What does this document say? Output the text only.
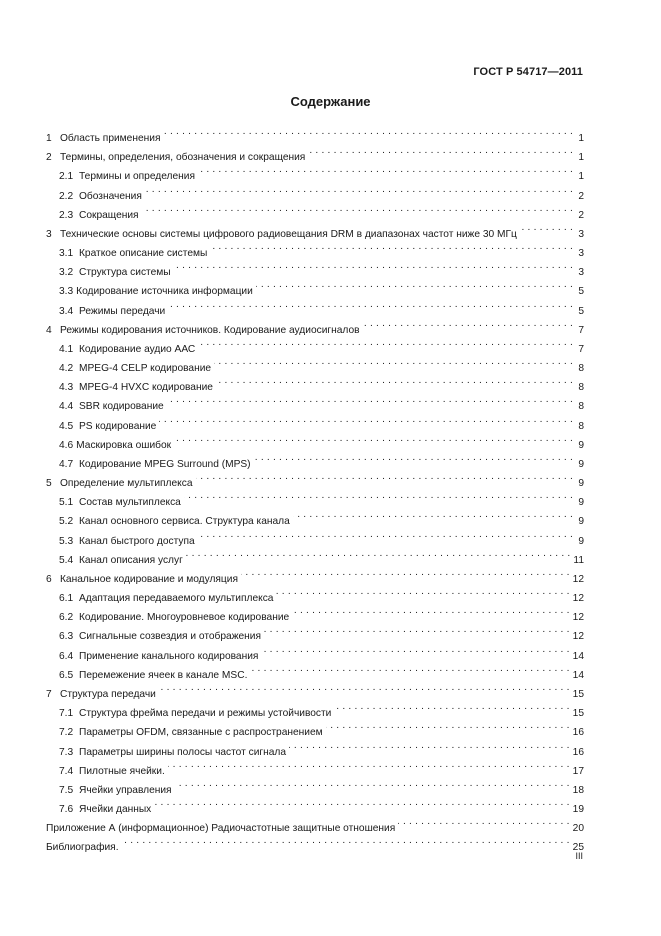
ГОСТ Р 54717—2011
Содержание
1 Область применения . . .	1
2 Термины, определения, обозначения и сокращения . . .	1
2.1 Термины и определения . . .	1
2.2 Обозначения . . .	2
2.3 Сокращения . . .	2
3 Технические основы системы цифрового радиовещания DRM в диапазонах частот ниже 30 МГц . . .	3
3.1 Краткое описание системы . . .	3
3.2 Структура системы . . .	3
3.3 Кодирование источника информации . . .	5
3.4 Режимы передачи . . .	5
4 Режимы кодирования источников. Кодирование аудиосигналов . . .	7
4.1 Кодирование аудио ААС . . .	7
4.2 MPEG-4 CELP кодирование . . .	8
4.3 MPEG-4 HVXC кодирование . . .	8
4.4 SBR кодирование . . .	8
4.5 PS кодирование . . .	8
4.6 Маскировка ошибок . . .	9
4.7 Кодирование MPEG Surround (MPS) . . .	9
5 Определение мультиплекса . . .	9
5.1 Состав мультиплекса . . .	9
5.2 Канал основного сервиса. Структура канала . . .	9
5.3 Канал быстрого доступа . . .	9
5.4 Канал описания услуг . . .	11
6 Канальное кодирование и модуляция . . .	12
6.1 Адаптация передаваемого мультиплекса . . .	12
6.2 Кодирование. Многоуровневое кодирование . . .	12
6.3 Сигнальные созвездия и отображения . . .	12
6.4 Применение канального кодирования . . .	14
6.5 Перемежение ячеек в канале MSC. . . .	14
7 Структура передачи . . .	15
7.1 Структура фрейма передачи и режимы устойчивости . . .	15
7.2 Параметры OFDM, связанные с распространением . . .	16
7.3 Параметры ширины полосы частот сигнала . . .	16
7.4 Пилотные ячейки. . . .	17
7.5 Ячейки управления . . .	18
7.6 Ячейки данных . . .	19
Приложение А (информационное) Радиочастотные защитные отношения . . .	20
Библиография. . . .	25
III
